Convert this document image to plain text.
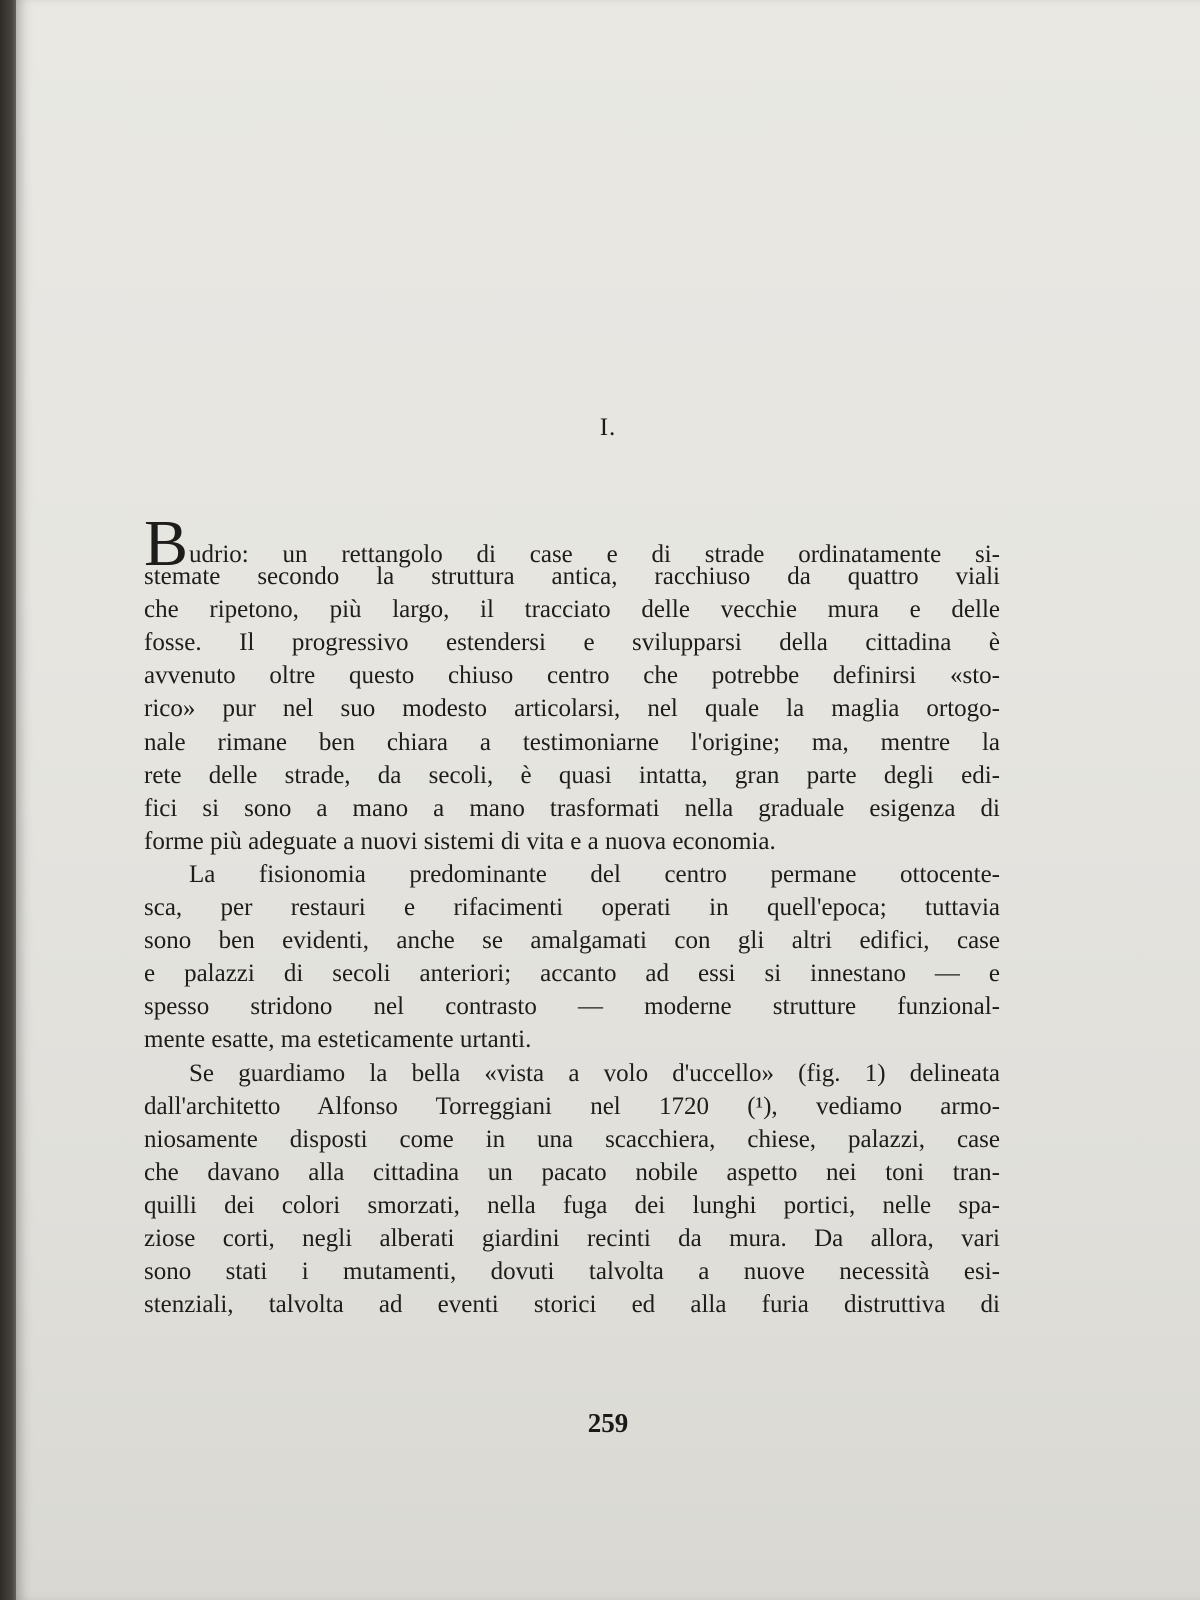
I.
Budrio: un rettangolo di case e di strade ordinatamente si-
stemate secondo la struttura antica, racchiuso da quattro viali
che ripetono, più largo, il tracciato delle vecchie mura e delle
fosse. Il progressivo estendersi e svilupparsi della cittadina è
avvenuto oltre questo chiuso centro che potrebbe definirsi «sto-
rico» pur nel suo modesto articolarsi, nel quale la maglia ortogo-
nale rimane ben chiara a testimoniarne l'origine; ma, mentre la
rete delle strade, da secoli, è quasi intatta, gran parte degli edi-
fici si sono a mano a mano trasformati nella graduale esigenza di
forme più adeguate a nuovi sistemi di vita e a nuova economia.
La fisionomia predominante del centro permane ottocente-
sca, per restauri e rifacimenti operati in quell'epoca; tuttavia
sono ben evidenti, anche se amalgamati con gli altri edifici, case
e palazzi di secoli anteriori; accanto ad essi si innestano — e
spesso stridono nel contrasto — moderne strutture funzional-
mente esatte, ma esteticamente urtanti.
Se guardiamo la bella «vista a volo d'uccello» (fig. 1) delineata
dall'architetto Alfonso Torreggiani nel 1720 (¹), vediamo armo-
niosamente disposti come in una scacchiera, chiese, palazzi, case
che davano alla cittadina un pacato nobile aspetto nei toni tran-
quilli dei colori smorzati, nella fuga dei lunghi portici, nelle spa-
ziose corti, negli alberati giardini recinti da mura. Da allora, vari
sono stati i mutamenti, dovuti talvolta a nuove necessità esi-
stenziali, talvolta ad eventi storici ed alla furia distruttiva di
259
